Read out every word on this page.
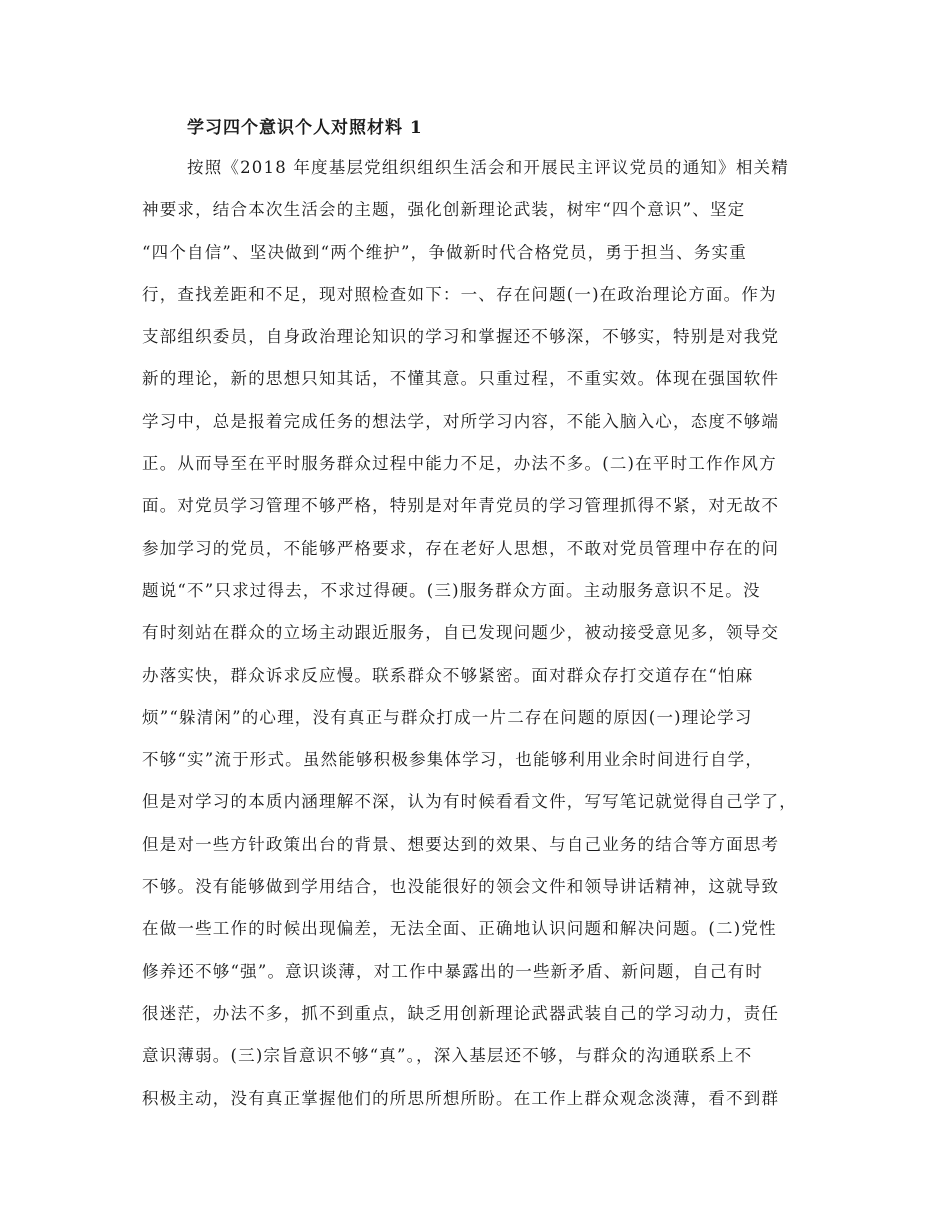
学习四个意识个人对照材料 1
按照《2018 年度基层党组织组织生活会和开展民主评议党员的通知》相关精
神要求，结合本次生活会的主题，强化创新理论武装，树牢“四个意识”、坚定
“四个自信”、坚决做到“两个维护”，争做新时代合格党员，勇于担当、务实重
行，查找差距和不足，现对照检查如下：一、存在问题(一)在政治理论方面。作为
支部组织委员，自身政治理论知识的学习和掌握还不够深，不够实，特别是对我党
新的理论，新的思想只知其话，不懂其意。只重过程，不重实效。体现在强国软件
学习中，总是报着完成任务的想法学，对所学习内容，不能入脑入心，态度不够端
正。从而导至在平时服务群众过程中能力不足，办法不多。(二)在平时工作作风方
面。对党员学习管理不够严格，特别是对年青党员的学习管理抓得不紧，对无故不
参加学习的党员，不能够严格要求，存在老好人思想，不敢对党员管理中存在的问
题说“不”只求过得去，不求过得硬。(三)服务群众方面。主动服务意识不足。没
有时刻站在群众的立场主动跟近服务，自已发现问题少，被动接受意见多，领导交
办落实快，群众诉求反应慢。联系群众不够紧密。面对群众存打交道存在“怕麻
烦”“躲清闲”的心理，没有真正与群众打成一片二存在问题的原因(一)理论学习
不够“实”流于形式。虽然能够积极参集体学习，也能够利用业余时间进行自学，
但是对学习的本质内涵理解不深，认为有时候看看文件，写写笔记就觉得自己学了，
但是对一些方针政策出台的背景、想要达到的效果、与自己业务的结合等方面思考
不够。没有能够做到学用结合，也没能很好的领会文件和领导讲话精神，这就导致
在做一些工作的时候出现偏差，无法全面、正确地认识问题和解决问题。(二)党性
修养还不够“强”。意识谈薄，对工作中暴露出的一些新矛盾、新问题，自己有时
很迷茫，办法不多，抓不到重点，缺乏用创新理论武器武装自己的学习动力，责任
意识薄弱。(三)宗旨意识不够“真”。，深入基层还不够，与群众的沟通联系上不
积极主动，没有真正掌握他们的所思所想所盼。在工作上群众观念淡薄，看不到群
